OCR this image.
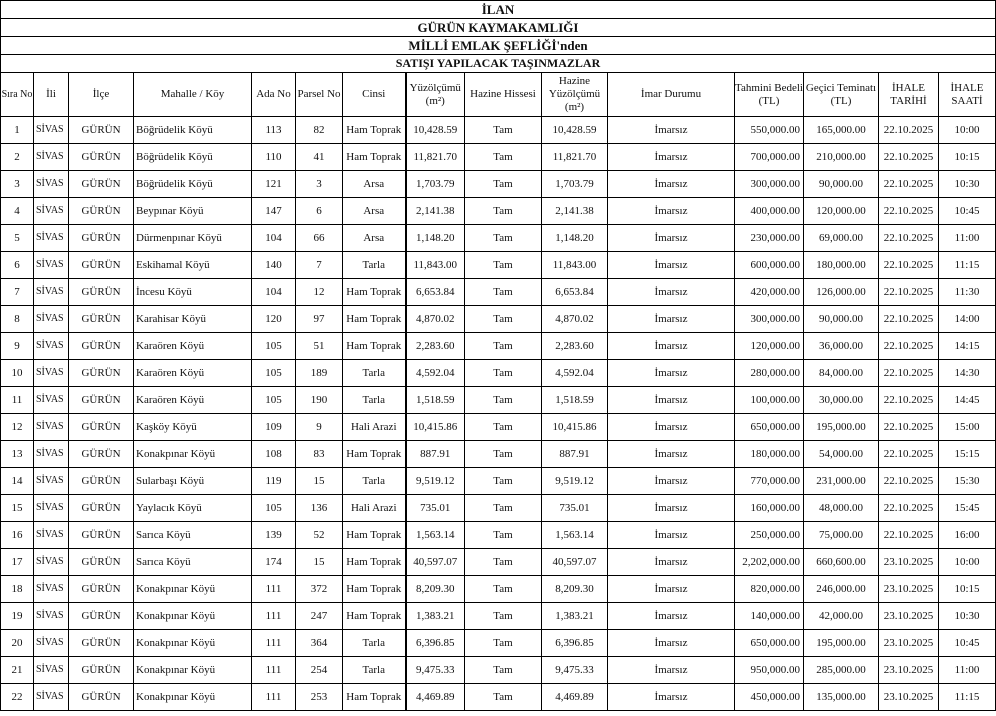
İLAN														
GÜRÜN KAYMAKAMLIĞI														
MİLLİ EMLAK ŞEFLİĞİ'nden														
SATIŞI YAPILACAK TAŞINMAZLAR														
Sıra No	İli	İlçe	Mahalle / Köy	Ada No	Parsel No	Cinsi	Yüzölçümü (m²)	Hazine Hissesi	Hazine Yüzölçümü (m²)	İmar Durumu	Tahmini Bedeli (TL)	Geçici Teminatı (TL)	İHALE TARİHİ	İHALE SAATİ
1	SİVAS	GÜRÜN	Böğrüdelik Köyü	113	82	Ham Toprak	10,428.59	Tam	10,428.59	İmarsız	550,000.00	165,000.00	22.10.2025	10:00
2	SİVAS	GÜRÜN	Böğrüdelik Köyü	110	41	Ham Toprak	11,821.70	Tam	11,821.70	İmarsız	700,000.00	210,000.00	22.10.2025	10:15
3	SİVAS	GÜRÜN	Böğrüdelik Köyü	121	3	Arsa	1,703.79	Tam	1,703.79	İmarsız	300,000.00	90,000.00	22.10.2025	10:30
4	SİVAS	GÜRÜN	Beypınar Köyü	147	6	Arsa	2,141.38	Tam	2,141.38	İmarsız	400,000.00	120,000.00	22.10.2025	10:45
5	SİVAS	GÜRÜN	Dürmenpınar Köyü	104	66	Arsa	1,148.20	Tam	1,148.20	İmarsız	230,000.00	69,000.00	22.10.2025	11:00
6	SİVAS	GÜRÜN	Eskihamal Köyü	140	7	Tarla	11,843.00	Tam	11,843.00	İmarsız	600,000.00	180,000.00	22.10.2025	11:15
7	SİVAS	GÜRÜN	İncesu Köyü	104	12	Ham Toprak	6,653.84	Tam	6,653.84	İmarsız	420,000.00	126,000.00	22.10.2025	11:30
8	SİVAS	GÜRÜN	Karahisar Köyü	120	97	Ham Toprak	4,870.02	Tam	4,870.02	İmarsız	300,000.00	90,000.00	22.10.2025	14:00
9	SİVAS	GÜRÜN	Karaören Köyü	105	51	Ham Toprak	2,283.60	Tam	2,283.60	İmarsız	120,000.00	36,000.00	22.10.2025	14:15
10	SİVAS	GÜRÜN	Karaören Köyü	105	189	Tarla	4,592.04	Tam	4,592.04	İmarsız	280,000.00	84,000.00	22.10.2025	14:30
11	SİVAS	GÜRÜN	Karaören Köyü	105	190	Tarla	1,518.59	Tam	1,518.59	İmarsız	100,000.00	30,000.00	22.10.2025	14:45
12	SİVAS	GÜRÜN	Kaşköy Köyü	109	9	Hali Arazi	10,415.86	Tam	10,415.86	İmarsız	650,000.00	195,000.00	22.10.2025	15:00
13	SİVAS	GÜRÜN	Konakpınar Köyü	108	83	Ham Toprak	887.91	Tam	887.91	İmarsız	180,000.00	54,000.00	22.10.2025	15:15
14	SİVAS	GÜRÜN	Sularbaşı Köyü	119	15	Tarla	9,519.12	Tam	9,519.12	İmarsız	770,000.00	231,000.00	22.10.2025	15:30
15	SİVAS	GÜRÜN	Yaylacık Köyü	105	136	Hali Arazi	735.01	Tam	735.01	İmarsız	160,000.00	48,000.00	22.10.2025	15:45
16	SİVAS	GÜRÜN	Sarıca Köyü	139	52	Ham Toprak	1,563.14	Tam	1,563.14	İmarsız	250,000.00	75,000.00	22.10.2025	16:00
17	SİVAS	GÜRÜN	Sarıca Köyü	174	15	Ham Toprak	40,597.07	Tam	40,597.07	İmarsız	2,202,000.00	660,600.00	23.10.2025	10:00
18	SİVAS	GÜRÜN	Konakpınar Köyü	111	372	Ham Toprak	8,209.30	Tam	8,209.30	İmarsız	820,000.00	246,000.00	23.10.2025	10:15
19	SİVAS	GÜRÜN	Konakpınar Köyü	111	247	Ham Toprak	1,383.21	Tam	1,383.21	İmarsız	140,000.00	42,000.00	23.10.2025	10:30
20	SİVAS	GÜRÜN	Konakpınar Köyü	111	364	Tarla	6,396.85	Tam	6,396.85	İmarsız	650,000.00	195,000.00	23.10.2025	10:45
21	SİVAS	GÜRÜN	Konakpınar Köyü	111	254	Tarla	9,475.33	Tam	9,475.33	İmarsız	950,000.00	285,000.00	23.10.2025	11:00
22	SİVAS	GÜRÜN	Konakpınar Köyü	111	253	Ham Toprak	4,469.89	Tam	4,469.89	İmarsız	450,000.00	135,000.00	23.10.2025	11:15
